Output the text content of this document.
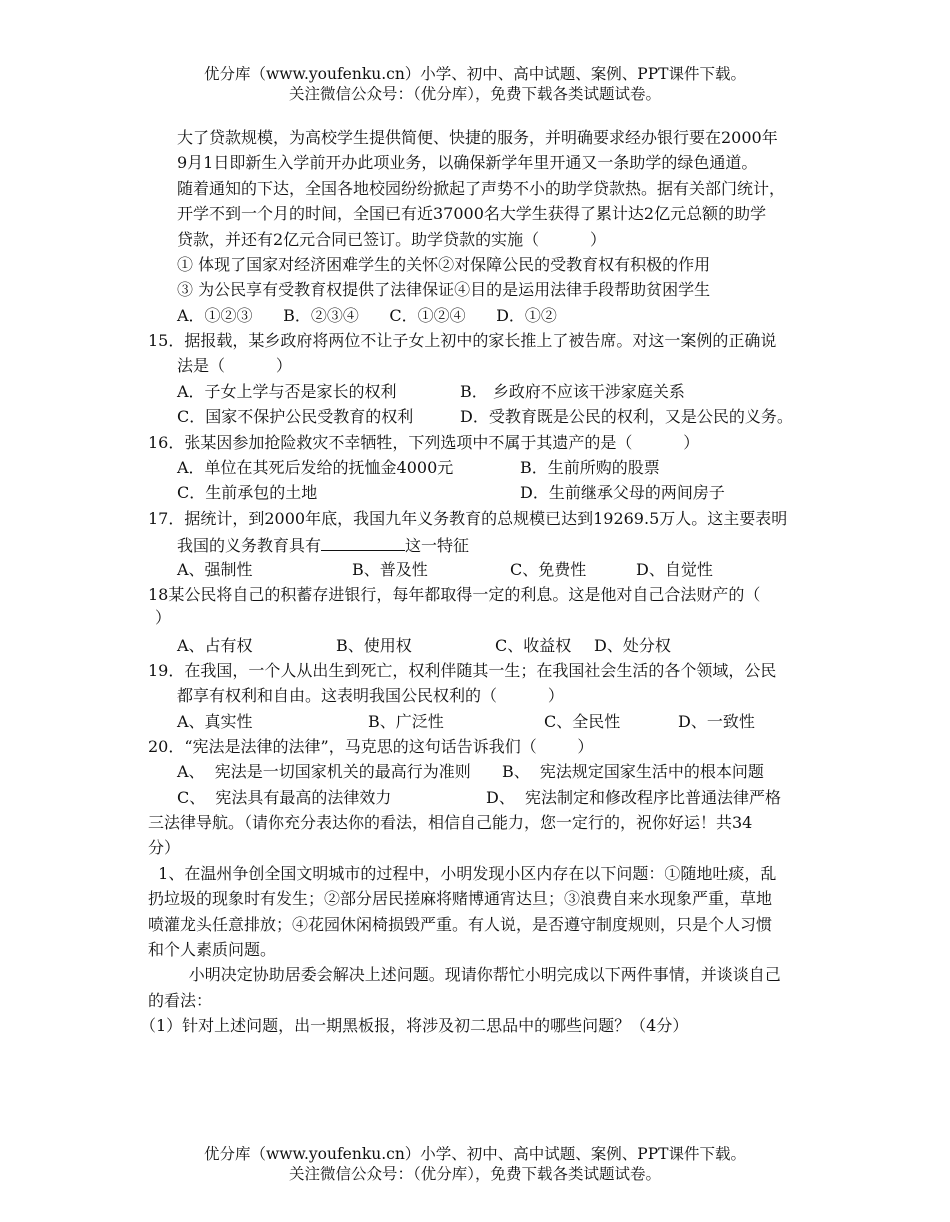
优分库（www.youfenku.cn）小学、初中、高中试题、案例、PPT课件下载。
关注微信公众号：（优分库），免费下载各类试题试卷。
大了贷款规模，为高校学生提供简便、快捷的服务，并明确要求经办银行要在2000年
9月1日即新生入学前开办此项业务，以确保新学年里开通又一条助学的绿色通道。
随着通知的下达，全国各地校园纷纷掀起了声势不小的助学贷款热。据有关部门统计，
开学不到一个月的时间，全国已有近37000名大学生获得了累计达2亿元总额的助学
贷款，并还有2亿元合同已签订。助学贷款的实施（          ）
① 体现了国家对经济困难学生的关怀②对保障公民的受教育权有积极的作用
③ 为公民享有受教育权提供了法律保证④目的是运用法律手段帮助贫困学生
A．①②③      B．②③④      C．①②④      D．①②
15．据报载，某乡政府将两位不让子女上初中的家长推上了被告席。对这一案例的正确说
法是（          ）
A．子女上学与否是家长的权利	B． 乡政府不应该干涉家庭关系
C．国家不保护公民受教育的权利	D．受教育既是公民的权利，又是公民的义务。
16．张某因参加抢险救灾不幸牺牲，下列选项中不属于其遗产的是（          ）
A．单位在其死后发给的抚恤金4000元	B．生前所购的股票
C．生前承包的土地	D．生前继承父母的两间房子
17．据统计，到2000年底，我国九年义务教育的总规模已达到19269.5万人。这主要表明
我国的义务教育具有	这一特征
A、强制性	B、普及性	C、免费性	D、自觉性
18某公民将自己的积蓄存进银行，每年都取得一定的利息。这是他对自己合法财产的（
）
A、占有权	B、使用权	C、收益权 D、处分权
19．在我国，一个人从出生到死亡，权利伴随其一生；在我国社会生活的各个领域，公民
都享有权利和自由。这表明我国公民权利的（          ）
A、真实性	B、广泛性	C、全民性	D、一致性
20．“宪法是法律的法律”，马克思的这句话告诉我们（        ）
A、  宪法是一切国家机关的最高行为准则 B、  宪法规定国家生活中的根本问题
C、  宪法具有最高的法律效力	D、  宪法制定和修改程序比普通法律严格
三法律导航。（请你充分表达你的看法，相信自己能力，您一定行的，祝你好运！共34
分）
1、在温州争创全国文明城市的过程中，小明发现小区内存在以下问题：①随地吐痰，乱
扔垃圾的现象时有发生；②部分居民搓麻将赌博通宵达旦；③浪费自来水现象严重，草地
喷灌龙头任意排放；④花园休闲椅损毁严重。有人说，是否遵守制度规则，只是个人习惯
和个人素质问题。
小明决定协助居委会解决上述问题。现请你帮忙小明完成以下两件事情，并谈谈自己
的看法：
（1）针对上述问题，出一期黑板报，将涉及初二思品中的哪些问题？（4分）
优分库（www.youfenku.cn）小学、初中、高中试题、案例、PPT课件下载。
关注微信公众号：（优分库），免费下载各类试题试卷。
